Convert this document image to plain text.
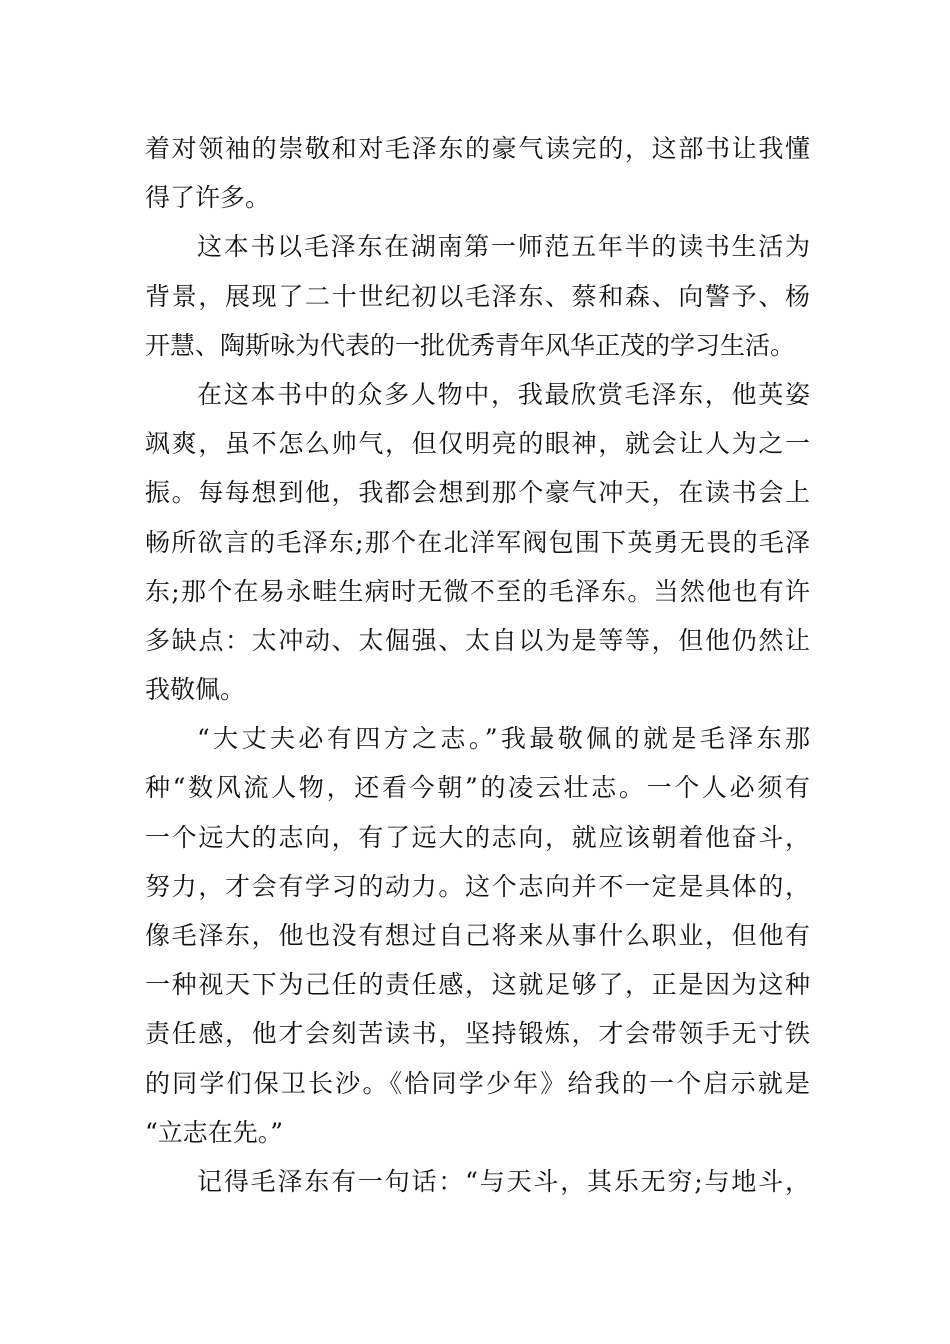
着对领袖的崇敬和对毛泽东的豪气读完的，这部书让我懂
得了许多。
这本书以毛泽东在湖南第一师范五年半的读书生活为
背景，展现了二十世纪初以毛泽东、蔡和森、向警予、杨
开慧、陶斯咏为代表的一批优秀青年风华正茂的学习生活。
在这本书中的众多人物中，我最欣赏毛泽东，他英姿
飒爽，虽不怎么帅气，但仅明亮的眼神，就会让人为之一
振。每每想到他，我都会想到那个豪气冲天，在读书会上
畅所欲言的毛泽东;那个在北洋军阀包围下英勇无畏的毛泽
东;那个在易永畦生病时无微不至的毛泽东。当然他也有许
多缺点：太冲动、太倔强、太自以为是等等，但他仍然让
我敬佩。
“大丈夫必有四方之志。”我最敬佩的就是毛泽东那
种“数风流人物，还看今朝”的凌云壮志。一个人必须有
一个远大的志向，有了远大的志向，就应该朝着他奋斗，
努力，才会有学习的动力。这个志向并不一定是具体的，
像毛泽东，他也没有想过自己将来从事什么职业，但他有
一种视天下为己任的责任感，这就足够了，正是因为这种
责任感，他才会刻苦读书，坚持锻炼，才会带领手无寸铁
的同学们保卫长沙。《恰同学少年》给我的一个启示就是
“立志在先。”
记得毛泽东有一句话：“与天斗，其乐无穷;与地斗，
